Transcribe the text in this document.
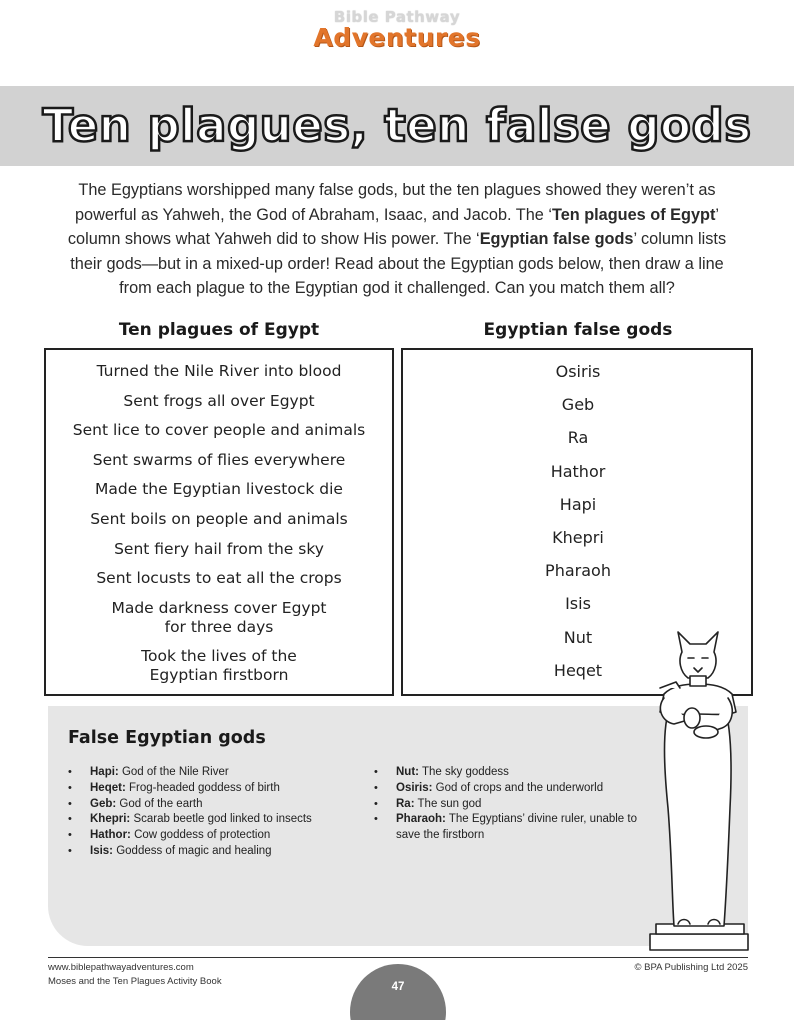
Bible Pathway
Adventures
Ten plagues, ten false gods

The Egyptians worshipped many false gods, but the ten plagues showed they weren’t as powerful as Yahweh, the God of Abraham, Isaac, and Jacob. The ‘Ten plagues of Egypt’ column shows what Yahweh did to show His power. The ‘Egyptian false gods’ column lists their gods—but in a mixed-up order! Read about the Egyptian gods below, then draw a line from each plague to the Egyptian god it challenged. Can you match them all?

Ten plagues of Egypt	Egyptian false gods
Turned the Nile River into blood
Sent frogs all over Egypt
Sent lice to cover people and animals
Sent swarms of flies everywhere
Made the Egyptian livestock die
Sent boils on people and animals
Sent fiery hail from the sky
Sent locusts to eat all the crops
Made darkness cover Egypt
for three days
Took the lives of the
Egyptian firstborn
Osiris
Geb
Ra
Hathor
Hapi
Khepri
Pharaoh
Isis
Nut
Heqet
False Egyptian gods
• Hapi: God of the Nile River
• Heqet: Frog-headed goddess of birth
• Geb: God of the earth
• Khepri: Scarab beetle god linked to insects
• Hathor: Cow goddess of protection
• Isis: Goddess of magic and healing
• Nut: The sky goddess
• Osiris: God of crops and the underworld
• Ra: The sun god
• Pharaoh: The Egyptians’ divine ruler, unable to save the firstborn
www.biblepathwayadventures.com
Moses and the Ten Plagues Activity Book
© BPA Publishing Ltd 2025
47
